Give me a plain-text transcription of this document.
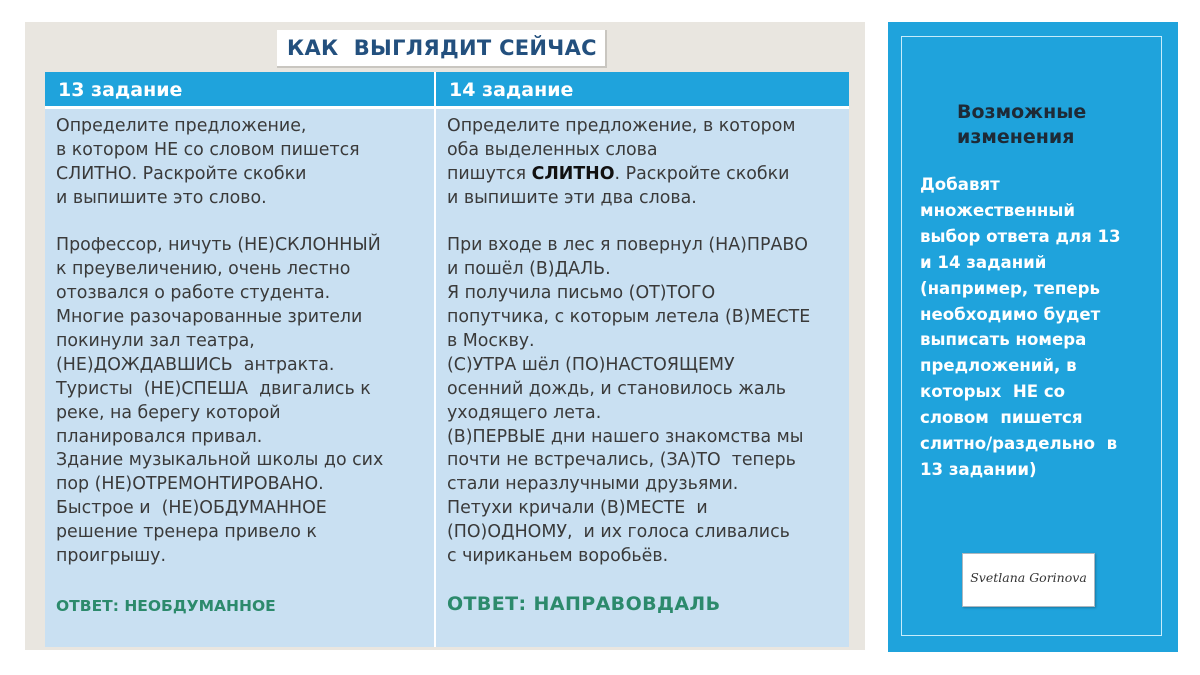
КАК  ВЫГЛЯДИТ СЕЙЧАС
13 задание	14 задание
Определите предложение,
в котором НЕ со словом пишется
СЛИТНО. Раскройте скобки
и выпишите это слово.
Профессор, ничуть (НЕ)СКЛОННЫЙ
к преувеличению, очень лестно
отозвался о работе студента.
Многие разочарованные зрители
покинули зал театра,
(НЕ)ДОЖДАВШИСЬ  антракта.
Туристы  (НЕ)СПЕША  двигались к
реке, на берегу которой
планировался привал.
Здание музыкальной школы до сих
пор (НЕ)ОТРЕМОНТИРОВАНО.
Быстрое и  (НЕ)ОБДУМАННОЕ
решение тренера привело к
проигрышу.
ОТВЕТ: НЕОБДУМАННОЕ
Определите предложение, в котором
оба выделенных слова
пишутся СЛИТНО. Раскройте скобки
и выпишите эти два слова.
При входе в лес я повернул (НА)ПРАВО
и пошёл (В)ДАЛЬ.
Я получила письмо (ОТ)ТОГО
попутчика, с которым летела (В)МЕСТЕ
в Москву.
(С)УТРА шёл (ПО)НАСТОЯЩЕМУ
осенний дождь, и становилось жаль
уходящего лета.
(В)ПЕРВЫЕ дни нашего знакомства мы
почти не встречались, (ЗА)ТО  теперь
стали неразлучными друзьями.
Петухи кричали (В)МЕСТЕ  и
(ПО)ОДНОМУ,  и их голоса сливались
с чириканьем воробьёв.
ОТВЕТ: НАПРАВОВДАЛЬ
Возможные
изменения
Добавят
множественный
выбор ответа для 13
и 14 заданий
(например, теперь
необходимо будет
выписать номера
предложений, в
которых  НЕ со
словом  пишется
слитно/раздельно  в
13 задании)
Svetlana Gorinova
